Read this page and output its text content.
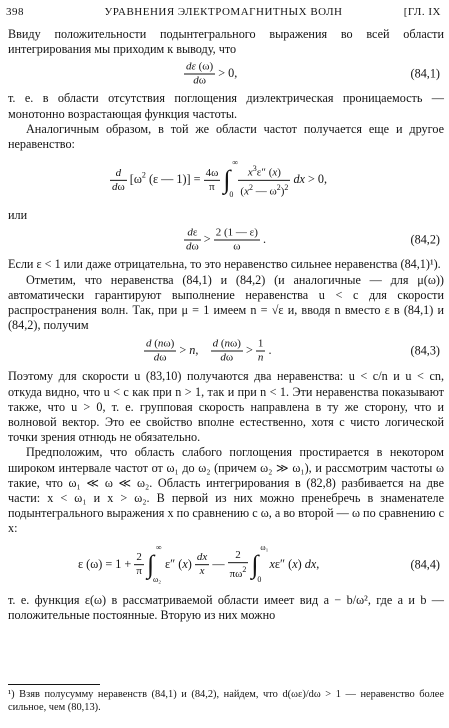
398	УРАВНЕНИЯ ЭЛЕКТРОМАГНИТНЫХ ВОЛН	[ГЛ. IX

Ввиду положительности подынтегрального выражения во всей области интегрирования мы приходим к выводу, что

$\frac{d\varepsilon (\omega)}{d\omega} > 0$,	(84,1)

т. е. в области отсутствия поглощения диэлектрическая проницаемость — монотонно возрастающая функция частоты.

Аналогичным образом, в той же области частот получается еще и другое неравенство:

$\frac{d}{d\omega} [\omega^2$ (ε — $1)] = \frac{4\omega}{\pi}$ ∫
∞
0
$\frac{x^3\varepsilon'' (x)}{(x^2 — \omega^2)^2}$ dx > 0,

или

$\frac{d\varepsilon}{d\omega} > \frac{2 (1 — \varepsilon)}{\omega}$ .	(84,2)

Если ε < 1 или даже отрицательна, то это неравенство сильнее неравенства (84,1)¹).

Отметим, что неравенства (84,1) и (84,2) (и аналогичные — для μ(ω)) автоматически гарантируют выполнение неравенства u < c для скорости распространения волн. Так, при μ = 1 имеем n = √ε и, вводя n вместо ε в (84,1) и (84,2), получим

$\frac{d (n\omega)}{d\omega} > n$, $\frac{d (n\omega)}{d\omega} > \frac{1}{n}$ .	(84,3)

Поэтому для скорости u (83,10) получаются два неравенства: u < c/n и u < cn, откуда видно, что u < c как при n > 1, так и при n < 1. Эти неравенства показывают также, что u > 0, т. е. групповая скорость направлена в ту же сторону, что и волновой вектор. Это ее свойство вполне естественно, хотя с чисто логической точки зрения отнюдь не обязательно.

Предположим, что область слабого поглощения простирается в некотором широком интервале частот от ω₁ до ω₂ (причем ω₂ ≫ ω₁), и рассмотрим частоты ω такие, что ω₁ ≪ ω ≪ ω₂. Область интегрирования в (82,8) разбивается на две части: x < ω₁ и x > ω₂. В первой из них можно пренебречь в знаменателе подынтегрального выражения x по сравнению с ω, а во второй — ω по сравнению с x:

ε $(\omega) = 1 + \frac{2}{\pi}$ ∫
∞
ω₂
ε″ $(x) \frac{dx}{x}$ — $\frac{2}{\pi\omega^2}$ ∫
ω₁
0
xε″ (x) dx,	(84,4)

т. е. функция ε(ω) в рассматриваемой области имеет вид a − b/ω², где a и b — положительные постоянные. Вторую из них можно

¹) Взяв полусумму неравенств (84,1) и (84,2), найдем, что d(ωε)/dω > 1 — неравенство более сильное, чем (80,13).
